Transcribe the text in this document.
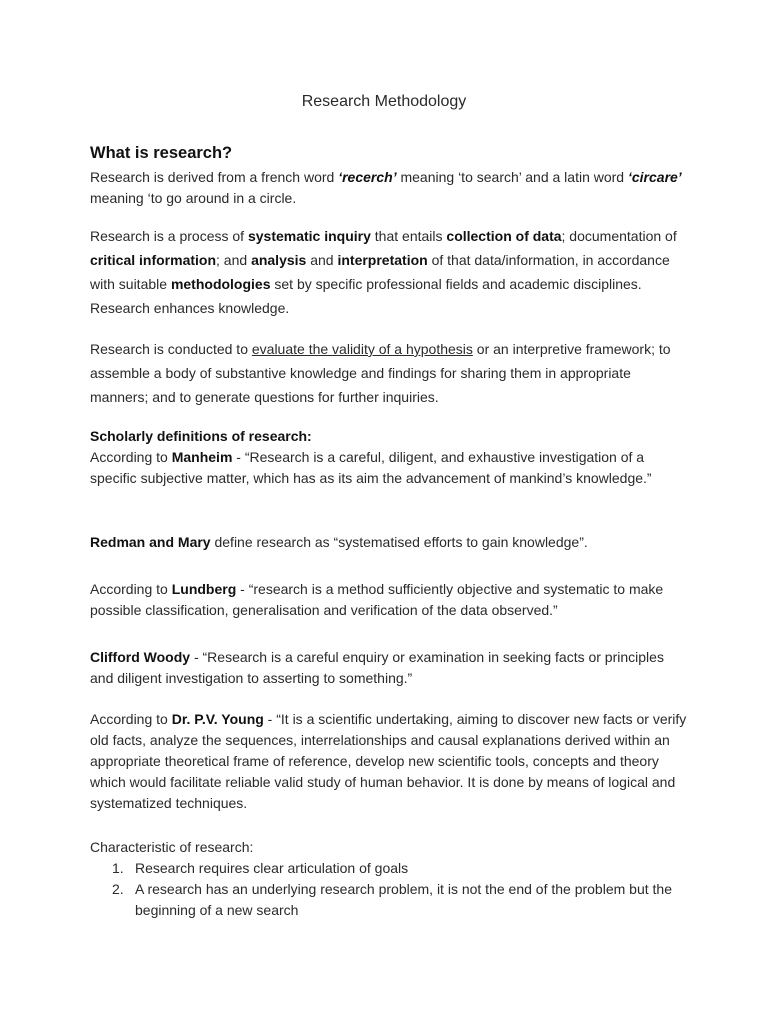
Research Methodology
What is research?
Research is derived from a french word ‘recerch’ meaning ‘to search’ and a latin word ‘circare’ meaning ‘to go around in a circle.
Research is a process of systematic inquiry that entails collection of data; documentation of critical information; and analysis and interpretation of that data/information, in accordance with suitable methodologies set by specific professional fields and academic disciplines. Research enhances knowledge.
Research is conducted to evaluate the validity of a hypothesis or an interpretive framework; to assemble a body of substantive knowledge and findings for sharing them in appropriate manners; and to generate questions for further inquiries.
Scholarly definitions of research:
According to Manheim - “Research is a careful, diligent, and exhaustive investigation of a specific subjective matter, which has as its aim the advancement of mankind’s knowledge.”
Redman and Mary define research as “systematised efforts to gain knowledge”.
According to Lundberg - “research is a method sufficiently objective and systematic to make possible classification, generalisation and verification of the data observed.”
Clifford Woody - “Research is a careful enquiry or examination in seeking facts or principles and diligent investigation to asserting to something.”
According to Dr. P.V. Young - “It is a scientific undertaking, aiming to discover new facts or verify old facts, analyze the sequences, interrelationships and causal explanations derived within an appropriate theoretical frame of reference, develop new scientific tools, concepts and theory which would facilitate reliable valid study of human behavior. It is done by means of logical and systematized techniques.
Characteristic of research:
1. Research requires clear articulation of goals
2. A research has an underlying research problem, it is not the end of the problem but the beginning of a new search
